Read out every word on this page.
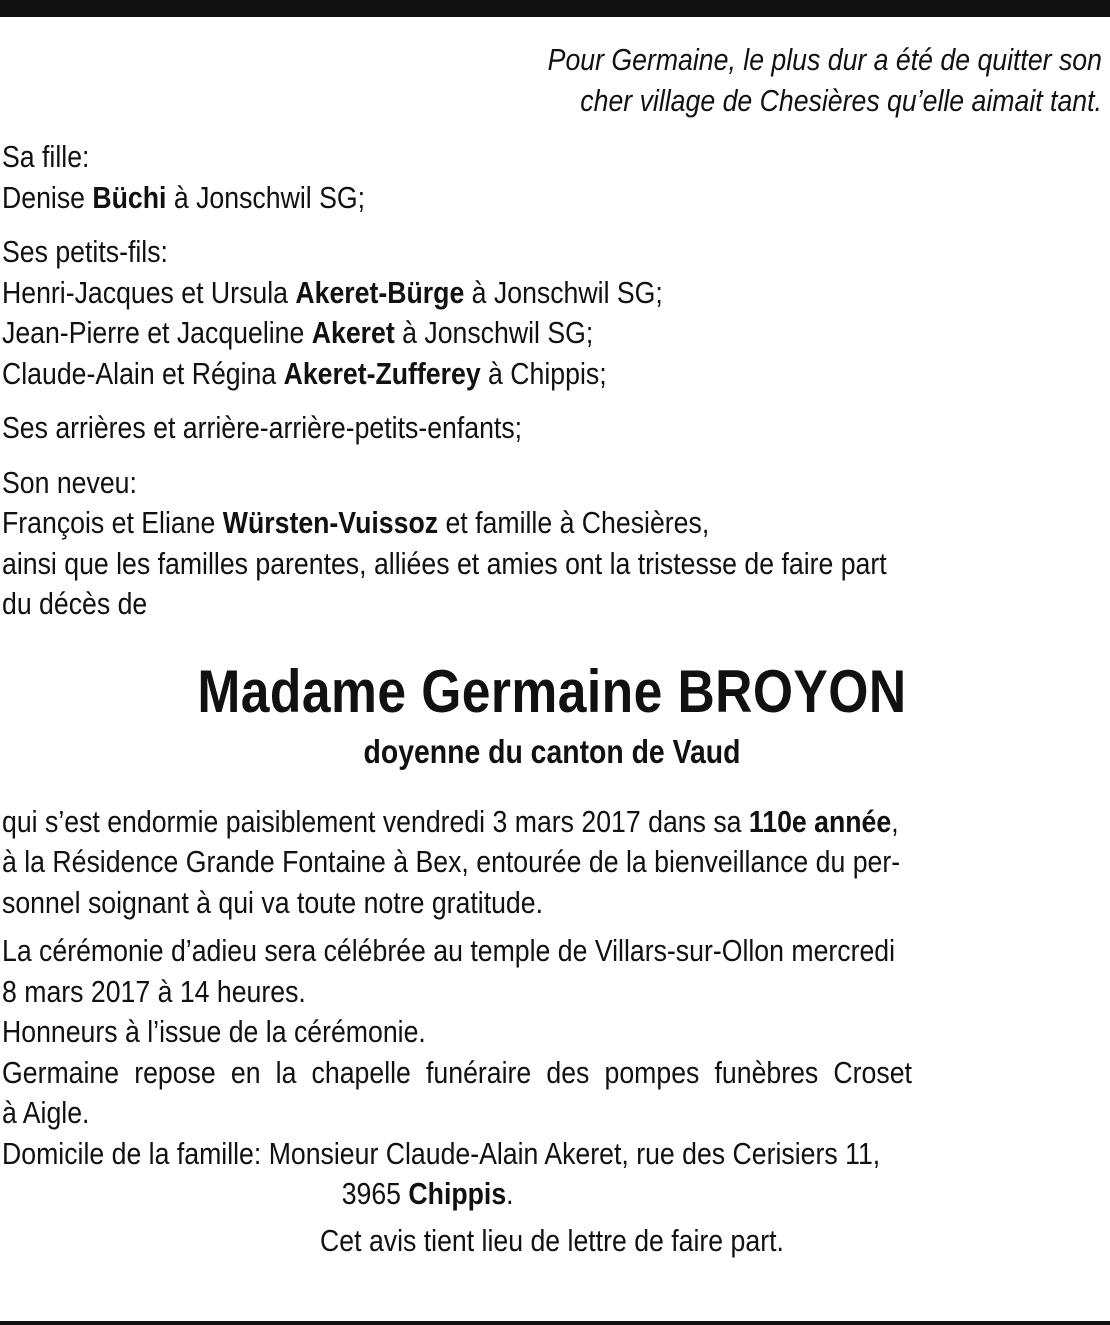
Pour Germaine, le plus dur a été de quitter son
cher village de Chesières qu’elle aimait tant.
Sa fille:
Denise Büchi à Jonschwil SG;
Ses petits-fils:
Henri-Jacques et Ursula Akeret-Bürge à Jonschwil SG;
Jean-Pierre et Jacqueline Akeret à Jonschwil SG;
Claude-Alain et Régina Akeret-Zufferey à Chippis;
Ses arrières et arrière-arrière-petits-enfants;
Son neveu:
François et Eliane Würsten-Vuissoz et famille à Chesières,
ainsi que les familles parentes, alliées et amies ont la tristesse de faire part
du décès de
Madame Germaine BROYON
doyenne du canton de Vaud
qui s’est endormie paisiblement vendredi 3 mars 2017 dans sa 110e année,
à la Résidence Grande Fontaine à Bex, entourée de la bienveillance du per-
sonnel soignant à qui va toute notre gratitude.
La cérémonie d’adieu sera célébrée au temple de Villars-sur-Ollon mercredi
8 mars 2017 à 14 heures.
Honneurs à l’issue de la cérémonie.
Germaine repose en la chapelle funéraire des pompes funèbres Croset
à Aigle.
Domicile de la famille: Monsieur Claude-Alain Akeret, rue des Cerisiers 11,
3965 Chippis.
Cet avis tient lieu de lettre de faire part.
